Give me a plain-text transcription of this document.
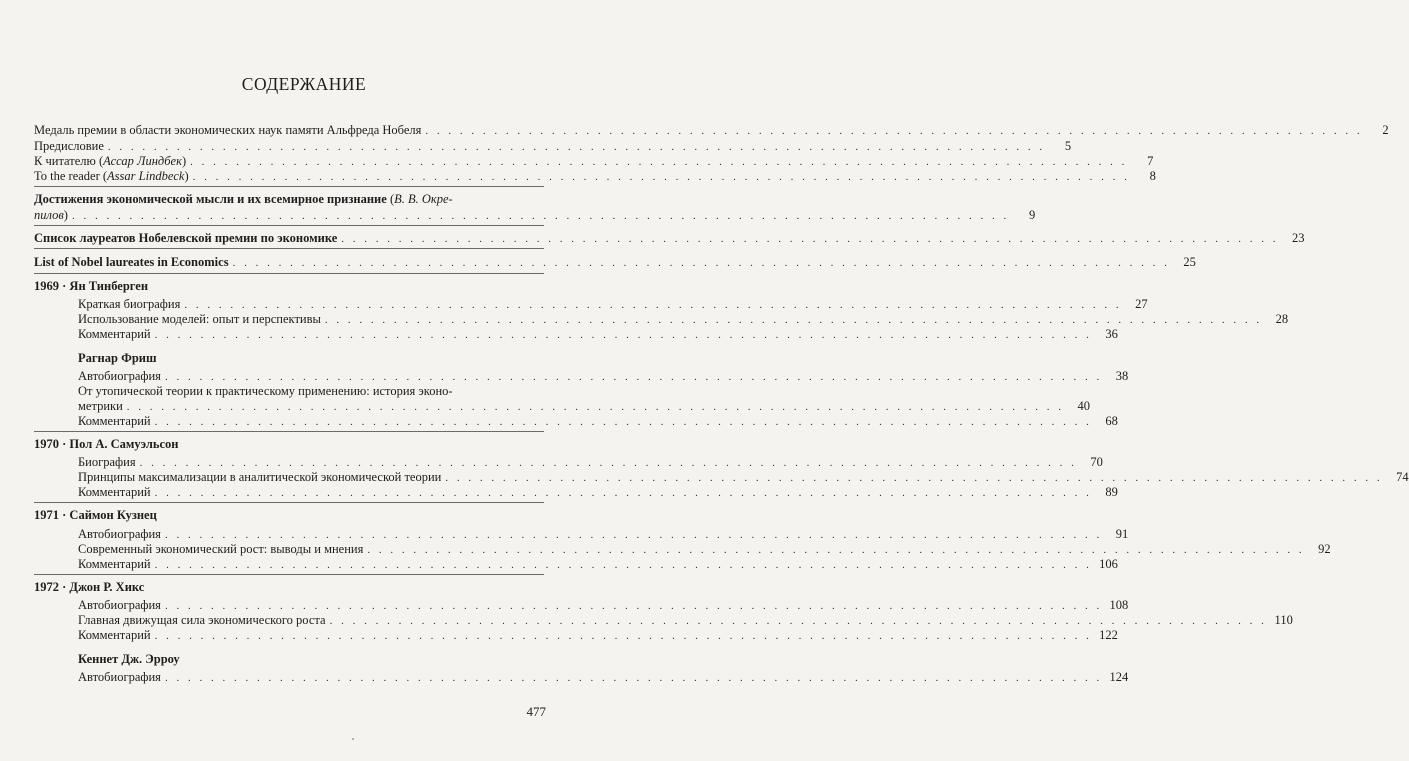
СОДЕРЖАНИЕ
Медаль премии в области экономических наук памяти Альфреда Нобеля . . . . . . . . . . . . . . . . . . . . . . . . . . . . . . . . . . . . . . . . . . . . . . . . . . . . . . . . . . . . . . . . . . . . . . . . . . . . . . . . . .	2
Предисловие . . . . . . . . . . . . . . . . . . . . . . . . . . . . . . . . . . . . . . . . . . . . . . . . . . . . . . . . . . . . . . . . . . . . . . . . . . . . . . . . . .	5
К читателю (Ассар Линдбек) . . . . . . . . . . . . . . . . . . . . . . . . . . . . . . . . . . . . . . . . . . . . . . . . . . . . . . . . . . . . . . . . . . . . . . . . . . . . . . . . . .	7
To the reader (Assar Lindbeck) . . . . . . . . . . . . . . . . . . . . . . . . . . . . . . . . . . . . . . . . . . . . . . . . . . . . . . . . . . . . . . . . . . . . . . . . . . . . . . . . . .	8
Достижения экономической мысли и их всемирное признание (В. В. Окре-
пилов) . . . . . . . . . . . . . . . . . . . . . . . . . . . . . . . . . . . . . . . . . . . . . . . . . . . . . . . . . . . . . . . . . . . . . . . . . . . . . . . . . .	9
Список лауреатов Нобелевской премии по экономике . . . . . . . . . . . . . . . . . . . . . . . . . . . . . . . . . . . . . . . . . . . . . . . . . . . . . . . . . . . . . . . . . . . . . . . . . . . . . . . . . .	23
List of Nobel laureates in Economics . . . . . . . . . . . . . . . . . . . . . . . . . . . . . . . . . . . . . . . . . . . . . . . . . . . . . . . . . . . . . . . . . . . . . . . . . . . . . . . . . .	25
1969 · Ян Тинберген
Краткая биография . . . . . . . . . . . . . . . . . . . . . . . . . . . . . . . . . . . . . . . . . . . . . . . . . . . . . . . . . . . . . . . . . . . . . . . . . . . . . . . . . .	27
Использование моделей: опыт и перспективы . . . . . . . . . . . . . . . . . . . . . . . . . . . . . . . . . . . . . . . . . . . . . . . . . . . . . . . . . . . . . . . . . . . . . . . . . . . . . . . . . .	28
Комментарий . . . . . . . . . . . . . . . . . . . . . . . . . . . . . . . . . . . . . . . . . . . . . . . . . . . . . . . . . . . . . . . . . . . . . . . . . . . . . . . . . .	36
Рагнар Фриш
Автобиография . . . . . . . . . . . . . . . . . . . . . . . . . . . . . . . . . . . . . . . . . . . . . . . . . . . . . . . . . . . . . . . . . . . . . . . . . . . . . . . . . .	38
От утопической теории к практическому применению: история эконо-
метрики . . . . . . . . . . . . . . . . . . . . . . . . . . . . . . . . . . . . . . . . . . . . . . . . . . . . . . . . . . . . . . . . . . . . . . . . . . . . . . . . . .	40
Комментарий . . . . . . . . . . . . . . . . . . . . . . . . . . . . . . . . . . . . . . . . . . . . . . . . . . . . . . . . . . . . . . . . . . . . . . . . . . . . . . . . . .	68
1970 · Пол А. Самуэльсон
Биография . . . . . . . . . . . . . . . . . . . . . . . . . . . . . . . . . . . . . . . . . . . . . . . . . . . . . . . . . . . . . . . . . . . . . . . . . . . . . . . . . .	70
Принципы максимализации в аналитической экономической теории . . . . . . . . . . . . . . . . . . . . . . . . . . . . . . . . . . . . . . . . . . . . . . . . . . . . . . . . . . . . . . . . . . . . . . . . . . . . . . . . . .	74
Комментарий . . . . . . . . . . . . . . . . . . . . . . . . . . . . . . . . . . . . . . . . . . . . . . . . . . . . . . . . . . . . . . . . . . . . . . . . . . . . . . . . . .	89
1971 · Саймон Кузнец
Автобиография . . . . . . . . . . . . . . . . . . . . . . . . . . . . . . . . . . . . . . . . . . . . . . . . . . . . . . . . . . . . . . . . . . . . . . . . . . . . . . . . . .	91
Современный экономический рост: выводы и мнения . . . . . . . . . . . . . . . . . . . . . . . . . . . . . . . . . . . . . . . . . . . . . . . . . . . . . . . . . . . . . . . . . . . . . . . . . . . . . . . . . .	92
Комментарий . . . . . . . . . . . . . . . . . . . . . . . . . . . . . . . . . . . . . . . . . . . . . . . . . . . . . . . . . . . . . . . . . . . . . . . . . . . . . . . . . . 106
1972 · Джон Р. Хикс
Автобиография . . . . . . . . . . . . . . . . . . . . . . . . . . . . . . . . . . . . . . . . . . . . . . . . . . . . . . . . . . . . . . . . . . . . . . . . . . . . . . . . . . 108
Главная движущая сила экономического роста . . . . . . . . . . . . . . . . . . . . . . . . . . . . . . . . . . . . . . . . . . . . . . . . . . . . . . . . . . . . . . . . . . . . . . . . . . . . . . . . . . 110
Комментарий . . . . . . . . . . . . . . . . . . . . . . . . . . . . . . . . . . . . . . . . . . . . . . . . . . . . . . . . . . . . . . . . . . . . . . . . . . . . . . . . . . 122
Кеннет Дж. Эрроу
Автобиография . . . . . . . . . . . . . . . . . . . . . . . . . . . . . . . . . . . . . . . . . . . . . . . . . . . . . . . . . . . . . . . . . . . . . . . . . . . . . . . . . . 124
477
